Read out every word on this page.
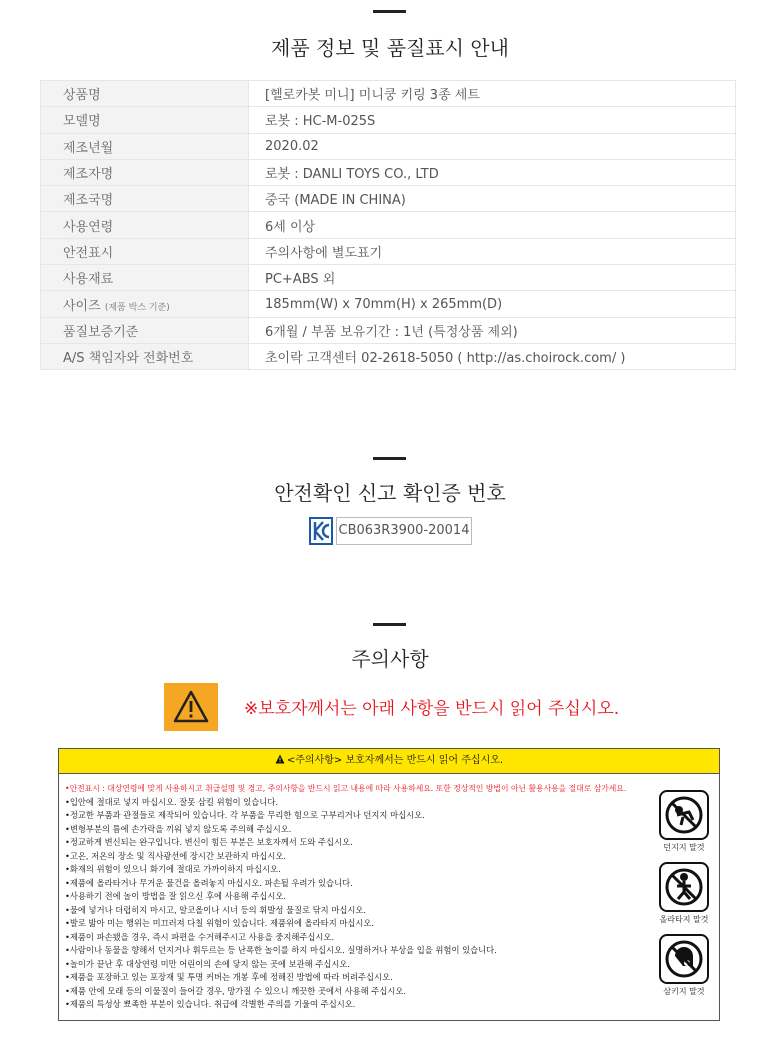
제품 정보 및 품질표시 안내
상품명	[헬로카봇 미니] 미니쿵 키링 3종 세트
모델명	로봇 : HC-M-025S
제조년월	2020.02
제조자명	로봇 : DANLI TOYS CO., LTD
제조국명	중국 (MADE IN CHINA)
사용연령	6세 이상
안전표시	주의사항에 별도표기
사용재료	PC+ABS 외
사이즈 (제품 박스 기준)	185mm(W) x 70mm(H) x 265mm(D)
품질보증기준	6개월 / 부품 보유기간 : 1년 (특정상품 제외)
A/S 책임자와 전화번호	초이락 고객센터 02-2618-5050 ( http://as.choirock.com/ )
안전확인 신고 확인증 번호
CB063R3900-20014
주의사항
※보호자께서는 아래 사항을 반드시 읽어 주십시오.
<주의사항> 보호자께서는 반드시 읽어 주십시오.
•안전표시 : 대상연령에 맞게 사용하시고 취급설명 및 경고, 주의사항을 반드시 읽고 내용에 따라 사용하세요. 또한 정상적인 방법이 아닌 활용사용을 절대로 삼가세요.
•입안에 절대로 넣지 마십시오. 잘못 삼킬 위험이 있습니다.
•정교한 부품과 관절들로 제작되어 있습니다. 각 부품을 무리한 힘으로 구부리거나 던지지 마십시오.
•변형부분의 틈에 손가락을 끼워 넣지 않도록 주의해 주십시오.
•정교하게 변신되는 완구입니다. 변신이 힘든 부분은 보호자께서 도와 주십시오.
•고온, 저온의 장소 및 직사광선에 장시간 보관하지 마십시오.
•화재의 위험이 있으니 화기에 절대로 가까이하지 마십시오.
•제품에 올라타거나 무거운 물건을 올려놓지 마십시오. 파손될 우려가 있습니다.
•사용하기 전에 놀이 방법을 잘 읽으신 후에 사용해 주십시오.
•물에 넣거나 더럽히지 마시고, 알코올이나 시너 등의 휘발성 물질로 닦지 마십시오.
•발로 밟아 미는 행위는 미끄러져 다칠 위험이 있습니다. 제품위에 올라타지 마십시오.
•제품이 파손됐을 경우, 즉시 파편을 수거해주시고 사용을 중지해주십시오.
•사람이나 동물을 향해서 던지거나 휘두르는 등 난폭한 놀이를 하지 마십시오. 실명하거나 부상을 입을 위험이 있습니다.
•놀이가 끝난 후 대상연령 미만 어린이의 손에 닿지 않는 곳에 보관해 주십시오.
•제품을 포장하고 있는 포장재 및 투명 커버는 개봉 후에 정해진 방법에 따라 버려주십시오.
•제품 안에 모래 등의 이물질이 들어갈 경우, 망가질 수 있으니 깨끗한 곳에서 사용해 주십시오.
•제품의 특성상 뾰족한 부분이 있습니다. 취급에 각별한 주의를 기울여 주십시오.
던지지 말것
올라타지 말것
삼키지 말것
